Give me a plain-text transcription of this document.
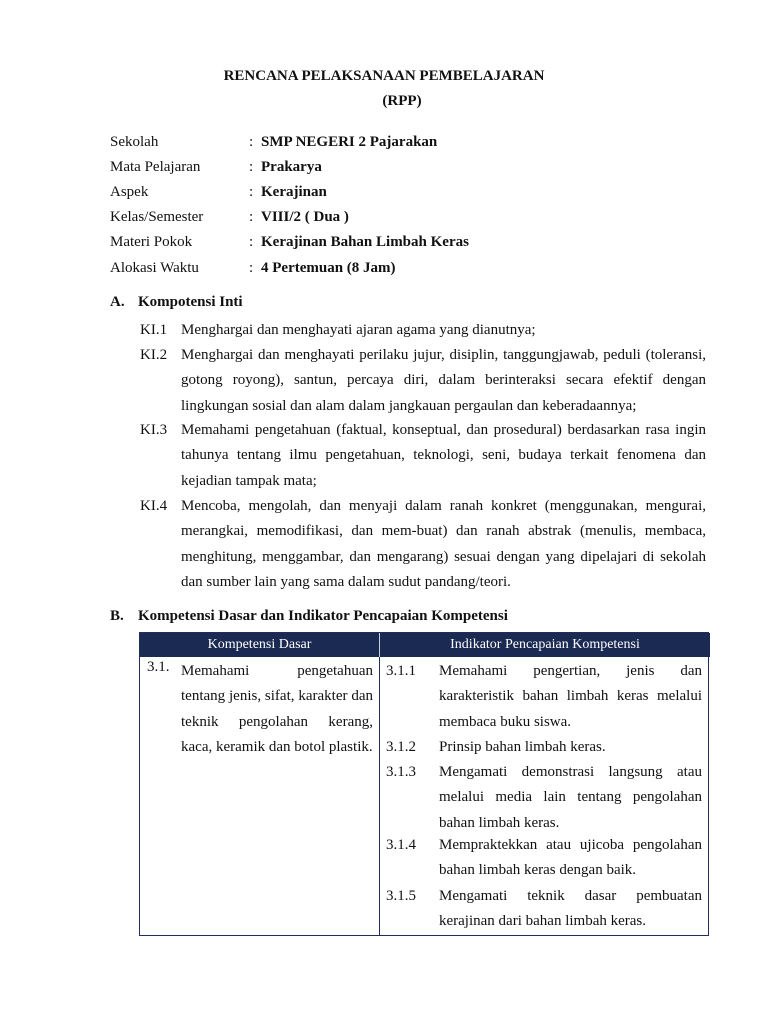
RENCANA PELAKSANAAN PEMBELAJARAN
(RPP)
Sekolah	: SMP NEGERI 2 Pajarakan
Mata Pelajaran	: Prakarya
Aspek	: Kerajinan
Kelas/Semester	: VIII/2 ( Dua )
Materi Pokok	: Kerajinan Bahan Limbah Keras
Alokasi Waktu	: 4 Pertemuan (8 Jam)
A. Kompotensi Inti
KI.1 Menghargai dan menghayati ajaran agama yang dianutnya;
KI.2 Menghargai dan menghayati perilaku jujur, disiplin, tanggungjawab, peduli (toleransi, gotong royong), santun, percaya diri, dalam berinteraksi secara efektif dengan lingkungan sosial dan alam dalam jangkauan pergaulan dan keberadaannya;
KI.3 Memahami pengetahuan (faktual, konseptual, dan prosedural) berdasarkan rasa ingin tahunya tentang ilmu pengetahuan, teknologi, seni, budaya terkait fenomena dan kejadian tampak mata;
KI.4 Mencoba, mengolah, dan menyaji dalam ranah konkret (menggunakan, mengurai, merangkai, memodifikasi, dan mem-buat) dan ranah abstrak (menulis, membaca, menghitung, menggambar, dan mengarang) sesuai dengan yang dipelajari di sekolah dan sumber lain yang sama dalam sudut pandang/teori.
B. Kompetensi Dasar dan Indikator Pencapaian Kompetensi
Kompetensi Dasar	Indikator Pencapaian Kompetensi
3.1. Memahami pengetahuan tentang jenis, sifat, karakter dan teknik pengolahan kerang, kaca, keramik dan botol plastik.
3.1.1 Memahami pengertian, jenis dan karakteristik bahan limbah keras melalui membaca buku siswa.
3.1.2 Prinsip bahan limbah keras.
3.1.3 Mengamati demonstrasi langsung atau melalui media lain tentang pengolahan bahan limbah keras.
3.1.4 Mempraktekkan atau ujicoba pengolahan bahan limbah keras dengan baik.
3.1.5 Mengamati teknik dasar pembuatan kerajinan dari bahan limbah keras.
